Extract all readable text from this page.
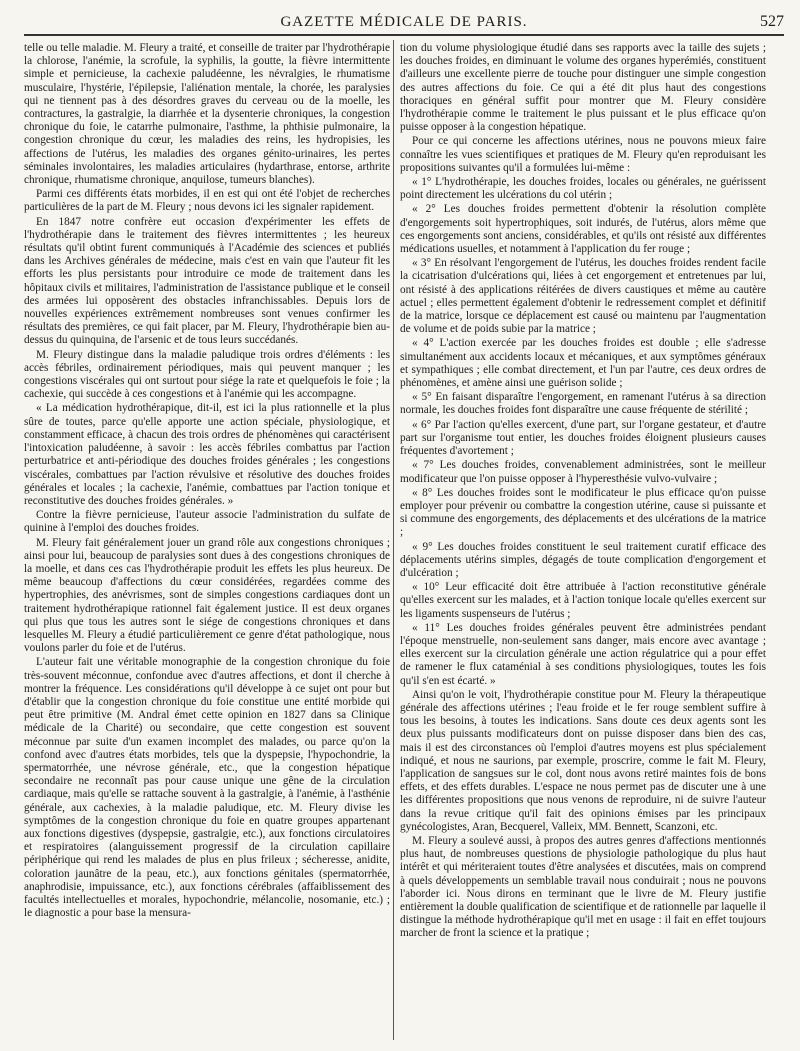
GAZETTE MÉDICALE DE PARIS.	527

telle ou telle maladie. M. Fleury a traité, et conseille de traiter par l'hydrothérapie la chlorose, l'anémie, la scrofule, la syphilis, la goutte, la fièvre intermittente simple et pernicieuse, la cachexie paludéenne, les névralgies, le rhumatisme musculaire, l'hystérie, l'épilepsie, l'aliénation mentale, la chorée, les paralysies qui ne tiennent pas à des désordres graves du cerveau ou de la moelle, les contractures, la gastralgie, la diarrhée et la dysenterie chroniques, la congestion chronique du foie, le catarrhe pulmonaire, l'asthme, la phthisie pulmonaire, la congestion chronique du cœur, les maladies des reins, les hydropisies, les affections de l'utérus, les maladies des organes génito-urinaires, les pertes séminales involontaires, les maladies articulaires (hydarthrase, entorse, arthrite chronique, rhumatisme chronique, anquilose, tumeurs blanches).

Parmi ces différents états morbides, il en est qui ont été l'objet de recherches particulières de la part de M. Fleury ; nous devons ici les signaler rapidement.

En 1847 notre confrère eut occasion d'expérimenter les effets de l'hydrothérapie dans le traitement des fièvres intermittentes ; les heureux résultats qu'il obtint furent communiqués à l'Académie des sciences et publiés dans les Archives générales de médecine, mais c'est en vain que l'auteur fit les efforts les plus persistants pour introduire ce mode de traitement dans les hôpitaux civils et militaires, l'administration de l'assistance publique et le conseil des armées lui opposèrent des obstacles infranchissables. Depuis lors de nouvelles expériences extrêmement nombreuses sont venues confirmer les résultats des premières, ce qui fait placer, par M. Fleury, l'hydrothérapie bien au-dessus du quinquina, de l'arsenic et de tous leurs succédanés.

M. Fleury distingue dans la maladie paludique trois ordres d'éléments : les accès fébriles, ordinairement périodiques, mais qui peuvent manquer ; les congestions viscérales qui ont surtout pour siége la rate et quelquefois le foie ; la cachexie, qui succède à ces congestions et à l'anémie qui les accompagne.

« La médication hydrothérapique, dit-il, est ici la plus rationnelle et la plus sûre de toutes, parce qu'elle apporte une action spéciale, physiologique, et constamment efficace, à chacun des trois ordres de phénomènes qui caractérisent l'intoxication paludéenne, à savoir : les accès fébriles combattus par l'action perturbatrice et anti-périodique des douches froides générales ; les congestions viscérales, combattues par l'action révulsive et résolutive des douches froides générales et locales ; la cachexie, l'anémie, combattues par l'action tonique et reconstitutive des douches froides générales. »

Contre la fièvre pernicieuse, l'auteur associe l'administration du sulfate de quinine à l'emploi des douches froides.

M. Fleury fait généralement jouer un grand rôle aux congestions chroniques ; ainsi pour lui, beaucoup de paralysies sont dues à des congestions chroniques de la moelle, et dans ces cas l'hydrothérapie produit les effets les plus heureux. De même beaucoup d'affections du cœur considérées, regardées comme des hypertrophies, des anévrismes, sont de simples congestions cardiaques dont un traitement hydrothérapique rationnel fait également justice. Il est deux organes qui plus que tous les autres sont le siége de congestions chroniques et dans lesquelles M. Fleury a étudié particulièrement ce genre d'état pathologique, nous voulons parler du foie et de l'utérus.

L'auteur fait une véritable monographie de la congestion chronique du foie très-souvent méconnue, confondue avec d'autres affections, et dont il cherche à montrer la fréquence. Les considérations qu'il développe à ce sujet ont pour but d'établir que la congestion chronique du foie constitue une entité morbide qui peut être primitive (M. Andral émet cette opinion en 1827 dans sa Clinique médicale de la Charité) ou secondaire, que cette congestion est souvent méconnue par suite d'un examen incomplet des malades, ou parce qu'on la confond avec d'autres états morbides, tels que la dyspepsie, l'hypochondrie, la spermatorrhée, une névrose générale, etc., que la congestion hépatique secondaire ne reconnaît pas pour cause unique une gêne de la circulation cardiaque, mais qu'elle se rattache souvent à la gastralgie, à l'anémie, à l'asthénie générale, aux cachexies, à la maladie paludique, etc. M. Fleury divise les symptômes de la congestion chronique du foie en quatre groupes appartenant aux fonctions digestives (dyspepsie, gastralgie, etc.), aux fonctions circulatoires et respiratoires (alanguissement progressif de la circulation capillaire périphérique qui rend les malades de plus en plus frileux ; sécheresse, anidite, coloration jaunâtre de la peau, etc.), aux fonctions génitales (spermatorrhée, anaphrodisie, impuissance, etc.), aux fonctions cérébrales (affaiblissement des facultés intellectuelles et morales, hypochondrie, mélancolie, nosomanie, etc.) ; le diagnostic a pour base la mensura-

tion du volume physiologique étudié dans ses rapports avec la taille des sujets ; les douches froides, en diminuant le volume des organes hyperémiés, constituent d'ailleurs une excellente pierre de touche pour distinguer une simple congestion des autres affections du foie. Ce qui a été dit plus haut des congestions thoraciques en général suffit pour montrer que M. Fleury considère l'hydrothérapie comme le traitement le plus puissant et le plus efficace qu'on puisse opposer à la congestion hépatique.

Pour ce qui concerne les affections utérines, nous ne pouvons mieux faire connaître les vues scientifiques et pratiques de M. Fleury qu'en reproduisant les propositions suivantes qu'il a formulées lui-même :

« 1° L'hydrothérapie, les douches froides, locales ou générales, ne guérissent point directement les ulcérations du col utérin ;

« 2° Les douches froides permettent d'obtenir la résolution complète d'engorgements soit hypertrophiques, soit indurés, de l'utérus, alors même que ces engorgements sont anciens, considérables, et qu'ils ont résisté aux différentes médications usuelles, et notamment à l'application du fer rouge ;

« 3° En résolvant l'engorgement de l'utérus, les douches froides rendent facile la cicatrisation d'ulcérations qui, liées à cet engorgement et entretenues par lui, ont résisté à des applications réitérées de divers caustiques et même au cautère actuel ; elles permettent également d'obtenir le redressement complet et définitif de la matrice, lorsque ce déplacement est causé ou maintenu par l'augmentation de volume et de poids subie par la matrice ;

« 4° L'action exercée par les douches froides est double ; elle s'adresse simultanément aux accidents locaux et mécaniques, et aux symptômes généraux et sympathiques ; elle combat directement, et l'un par l'autre, ces deux ordres de phénomènes, et amène ainsi une guérison solide ;

« 5° En faisant disparaître l'engorgement, en ramenant l'utérus à sa direction normale, les douches froides font disparaître une cause fréquente de stérilité ;

« 6° Par l'action qu'elles exercent, d'une part, sur l'organe gestateur, et d'autre part sur l'organisme tout entier, les douches froides éloignent plusieurs causes fréquentes d'avortement ;

« 7° Les douches froides, convenablement administrées, sont le meilleur modificateur que l'on puisse opposer à l'hyperesthésie vulvo-vulvaire ;

« 8° Les douches froides sont le modificateur le plus efficace qu'on puisse employer pour prévenir ou combattre la congestion utérine, cause si puissante et si commune des engorgements, des déplacements et des ulcérations de la matrice ;

« 9° Les douches froides constituent le seul traitement curatif efficace des déplacements utérins simples, dégagés de toute complication d'engorgement et d'ulcération ;

« 10° Leur efficacité doit être attribuée à l'action reconstitutive générale qu'elles exercent sur les malades, et à l'action tonique locale qu'elles exercent sur les ligaments suspenseurs de l'utérus ;

« 11° Les douches froides générales peuvent être administrées pendant l'époque menstruelle, non-seulement sans danger, mais encore avec avantage ; elles exercent sur la circulation générale une action régulatrice qui a pour effet de ramener le flux cataménial à ses conditions physiologiques, toutes les fois qu'il s'en est écarté. »

Ainsi qu'on le voit, l'hydrothérapie constitue pour M. Fleury la thérapeutique générale des affections utérines ; l'eau froide et le fer rouge semblent suffire à tous les besoins, à toutes les indications. Sans doute ces deux agents sont les deux plus puissants modificateurs dont on puisse disposer dans bien des cas, mais il est des circonstances où l'emploi d'autres moyens est plus spécialement indiqué, et nous ne saurions, par exemple, proscrire, comme le fait M. Fleury, l'application de sangsues sur le col, dont nous avons retiré maintes fois de bons effets, et des effets durables. L'espace ne nous permet pas de discuter une à une les différentes propositions que nous venons de reproduire, ni de suivre l'auteur dans la revue critique qu'il fait des opinions émises par les principaux gynécologistes, Aran, Becquerel, Valleix, MM. Bennett, Scanzoni, etc.

M. Fleury a soulevé aussi, à propos des autres genres d'affections mentionnés plus haut, de nombreuses questions de physiologie pathologique du plus haut intérêt et qui mériteraient toutes d'être analysées et discutées, mais on comprend à quels développements un semblable travail nous conduirait ; nous ne pouvons l'aborder ici. Nous dirons en terminant que le livre de M. Fleury justifie entièrement la double qualification de scientifique et de rationnelle par laquelle il distingue la méthode hydrothérapique qu'il met en usage : il fait en effet toujours marcher de front la science et la pratique ;
